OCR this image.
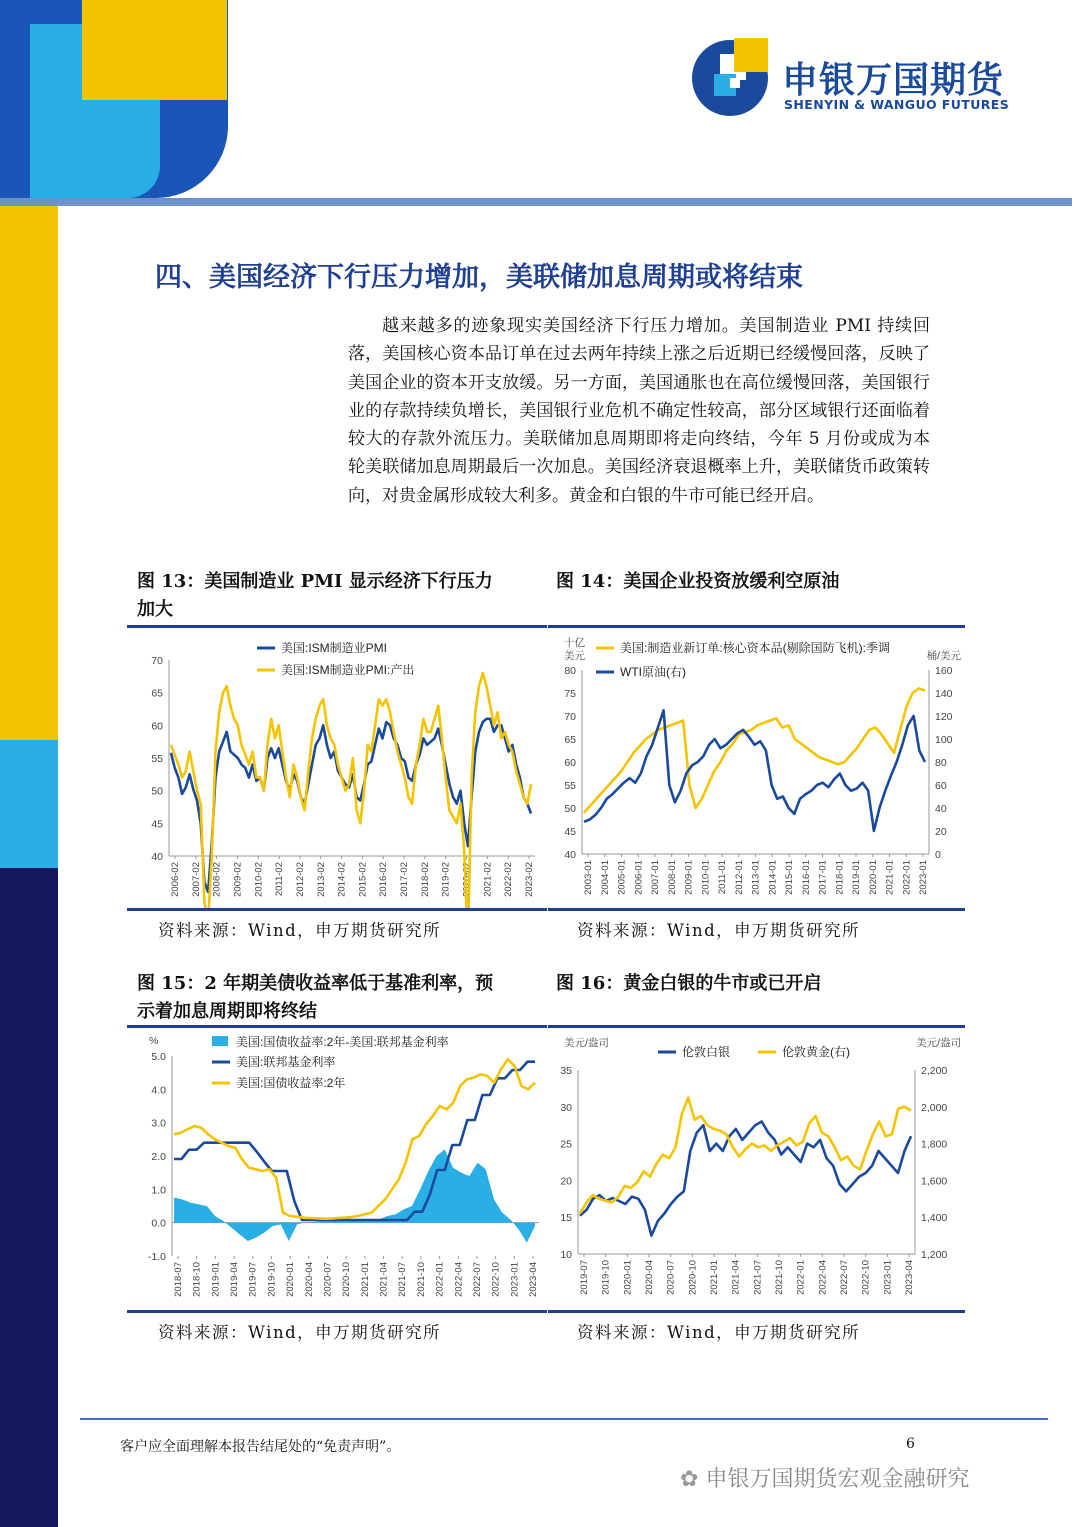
申银万国期货
SHENYIN & WANGUO FUTURES
四、美国经济下行压力增加，美联储加息周期或将结束

越来越多的迹象现实美国经济下行压力增加。美国制造业 PMI 持续回落，美国核心资本品订单在过去两年持续上涨之后近期已经缓慢回落，反映了美国企业的资本开支放缓。另一方面，美国通胀也在高位缓慢回落，美国银行业的存款持续负增长，美国银行业危机不确定性较高，部分区域银行还面临着较大的存款外流压力。美联储加息周期即将走向终结，今年 5 月份或成为本轮美联储加息周期最后一次加息。美国经济衰退概率上升，美联储货币政策转向，对贵金属形成较大利多。黄金和白银的牛市可能已经开启。

图 13：美国制造业 PMI 显示经济下行压力
加大
70
65
60
55
50
45
40
2006-02 2007-02 2008-02 2009-02 2010-02 2011-02 2012-02 2013-02 2014-02 2015-02 2016-02 2017-02 2018-02 2019-02 2020-02 2021-02 2022-02 2023-02
美国:ISM制造业PMI
美国:ISM制造业PMI:产出
资料来源：Wind，申万期货研究所
图 14：美国企业投资放缓利空原油
80
75
70
65
60
55
50
45
40
160
140
120
100
80
60
40
20
0
十亿
美元	桶/美元
2003-01 2004-01 2005-01 2006-01 2007-01 2008-01 2009-01 2010-01 2011-01 2012-01 2013-01 2014-01 2015-01 2016-01 2017-01 2018-01 2019-01 2020-01 2021-01 2022-01 2023-01
美国:制造业新订单:核心资本品(剔除国防飞机):季调
WTI原油(右)
资料来源：Wind，申万期货研究所
图 15：2 年期美债收益率低于基准利率，预
示着加息周期即将终结
5.0
4.0
3.0
2.0
1.0
0.0
-1.0
%
2018-07 2018-10 2019-01 2019-04 2019-07 2019-10 2020-01 2020-04 2020-07 2020-10 2021-01 2021-04 2021-07 2021-10 2022-01 2022-04 2022-07 2022-10 2023-01 2023-04
美国:国债收益率:2年-美国:联邦基金利率
美国:联邦基金利率
美国:国债收益率:2年
资料来源：Wind，申万期货研究所
图 16：黄金白银的牛市或已开启
35
30
25
20
15
10
2,200
2,000
1,800
1,600
1,400
1,200
美元/盎司	美元/盎司
2019-07 2019-10 2020-01 2020-04 2020-07 2020-10 2021-01 2021-04 2021-07 2021-10 2022-01 2022-04 2022-07 2022-10 2023-01 2023-04
伦敦白银	伦敦黄金(右)
资料来源：Wind，申万期货研究所
客户应全面理解本报告结尾处的“免责声明”。	6
✿ 申银万国期货宏观金融研究
